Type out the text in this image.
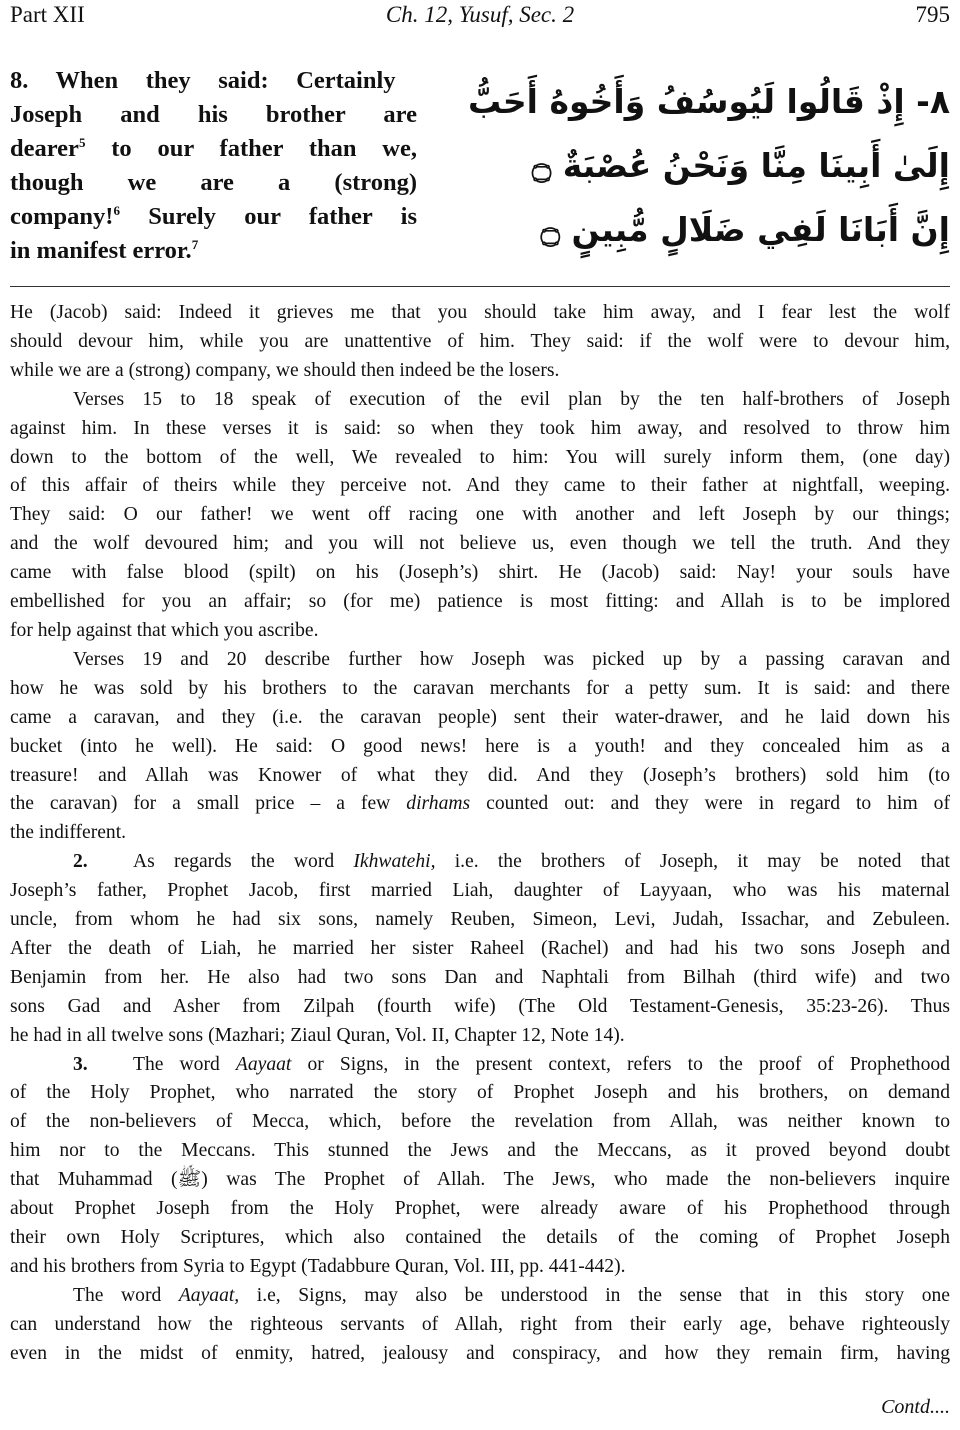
Part XII	Ch. 12, Yusuf, Sec. 2	795
8. When they said: Certainly
Joseph and his brother are
dearer$^5$ to our father than we,
though we are a (strong)
company!$^6$ Surely our father is
in manifest error.$^7$
٨- إِذْ قَالُوا لَيُوسُفُ وَأَخُوهُ أَحَبُّ
إِلَىٰ أَبِينَا مِنَّا وَنَحْنُ عُصْبَةٌ ۝
إِنَّ أَبَانَا لَفِي ضَلَالٍ مُّبِينٍ ۝
He (Jacob) said: Indeed it grieves me that you should take him away, and I fear lest the wolf
should devour him, while you are unattentive of him. They said: if the wolf were to devour him,
while we are a (strong) company, we should then indeed be the losers.
Verses 15 to 18 speak of execution of the evil plan by the ten half-brothers of Joseph
against him. In these verses it is said: so when they took him away, and resolved to throw him
down to the bottom of the well, We revealed to him: You will surely inform them, (one day)
of this affair of theirs while they perceive not. And they came to their father at nightfall, weeping.
They said: O our father! we went off racing one with another and left Joseph by our things;
and the wolf devoured him; and you will not believe us, even though we tell the truth. And they
came with false blood (spilt) on his (Joseph’s) shirt. He (Jacob) said: Nay! your souls have
embellished for you an affair; so (for me) patience is most fitting: and Allah is to be implored
for help against that which you ascribe.
Verses 19 and 20 describe further how Joseph was picked up by a passing caravan and
how he was sold by his brothers to the caravan merchants for a petty sum. It is said: and there
came a caravan, and they (i.e. the caravan people) sent their water-drawer, and he laid down his
bucket (into he well). He said: O good news! here is a youth! and they concealed him as a
treasure! and Allah was Knower of what they did. And they (Joseph’s brothers) sold him (to
the caravan) for a small price – a few dirhams counted out: and they were in regard to him of
the indifferent.
2. As regards the word Ikhwatehi, i.e. the brothers of Joseph, it may be noted that
Joseph’s father, Prophet Jacob, first married Liah, daughter of Layyaan, who was his maternal
uncle, from whom he had six sons, namely Reuben, Simeon, Levi, Judah, Issachar, and Zebuleen.
After the death of Liah, he married her sister Raheel (Rachel) and had his two sons Joseph and
Benjamin from her. He also had two sons Dan and Naphtali from Bilhah (third wife) and two
sons Gad and Asher from Zilpah (fourth wife) (The Old Testament-Genesis, 35:23-26). Thus
he had in all twelve sons (Mazhari; Ziaul Quran, Vol. II, Chapter 12, Note 14).
3. The word Aayaat or Signs, in the present context, refers to the proof of Prophethood
of the Holy Prophet, who narrated the story of Prophet Joseph and his brothers, on demand
of the non-believers of Mecca, which, before the revelation from Allah, was neither known to
him nor to the Meccans. This stunned the Jews and the Meccans, as it proved beyond doubt
that Muhammad (ﷺ) was The Prophet of Allah. The Jews, who made the non-believers inquire
about Prophet Joseph from the Holy Prophet, were already aware of his Prophethood through
their own Holy Scriptures, which also contained the details of the coming of Prophet Joseph
and his brothers from Syria to Egypt (Tadabbure Quran, Vol. III, pp. 441-442).
The word Aayaat, i.e, Signs, may also be understood in the sense that in this story one
can understand how the righteous servants of Allah, right from their early age, behave righteously
even in the midst of enmity, hatred, jealousy and conspiracy, and how they remain firm, having
Contd....
